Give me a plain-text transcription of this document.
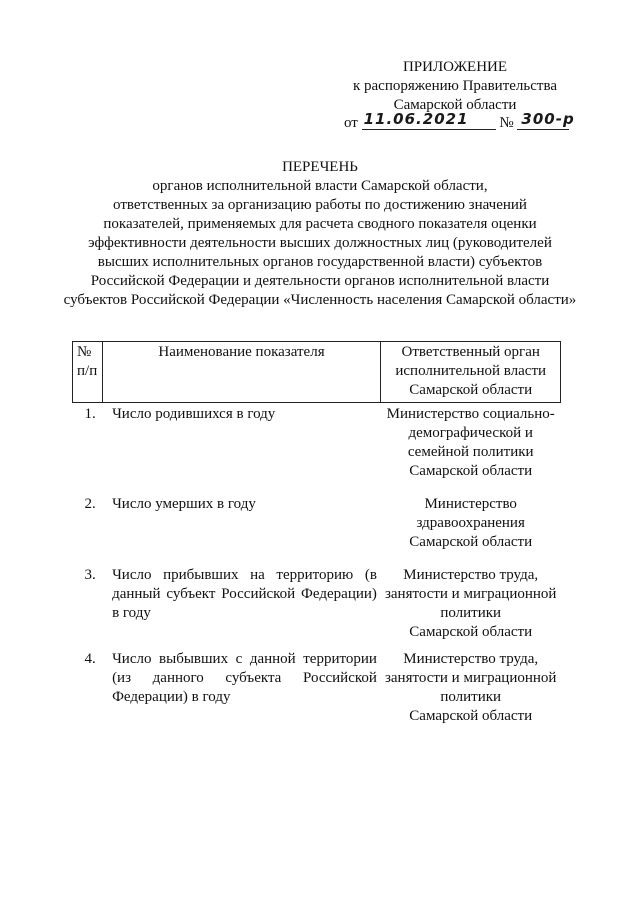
ПРИЛОЖЕНИЕ
к распоряжению Правительства
Самарской области
от 11.06.2021 № 300-р
ПЕРЕЧЕНЬ
органов исполнительной власти Самарской области,
ответственных за организацию работы по достижению значений
показателей, применяемых для расчета сводного показателя оценки
эффективности деятельности высших должностных лиц (руководителей
высших исполнительных органов государственной власти) субъектов
Российской Федерации и деятельности органов исполнительной власти
субъектов Российской Федерации «Численность населения Самарской области»
№
п/п	Наименование показателя	Ответственный орган
исполнительной власти
Самарской области
1.	Число родившихся в году	Министерство социально-
демографической и
семейной политики
Самарской области
2.	Число умерших в году	Министерство
здравоохранения
Самарской области
3.	Число прибывших на территорию (в данный субъект Российской Федерации) в году	Министерство труда,
занятости и миграционной
политики
Самарской области
4.	Число выбывших с данной территории (из данного субъекта Российской Федерации) в году	Министерство труда,
занятости и миграционной
политики
Самарской области
